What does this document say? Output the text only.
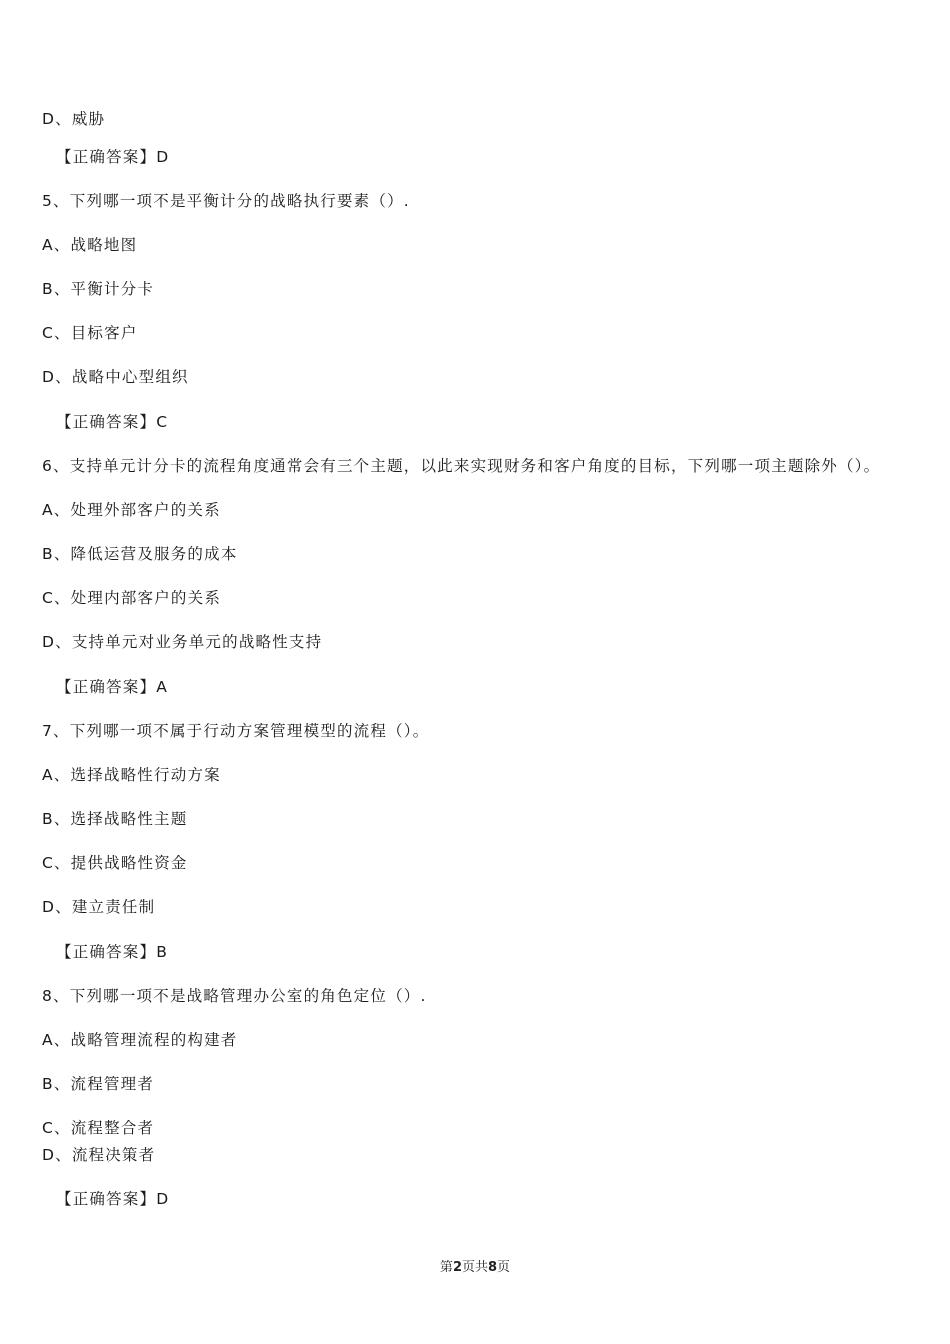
D、威胁
【正确答案】D
5、下列哪一项不是平衡计分的战略执行要素（）.
A、战略地图
B、平衡计分卡
C、目标客户
D、战略中心型组织
【正确答案】C
6、支持单元计分卡的流程角度通常会有三个主题，以此来实现财务和客户角度的目标，下列哪一项主题除外（）。
A、处理外部客户的关系
B、降低运营及服务的成本
C、处理内部客户的关系
D、支持单元对业务单元的战略性支持
【正确答案】A
7、下列哪一项不属于行动方案管理模型的流程（）。
A、选择战略性行动方案
B、选择战略性主题
C、提供战略性资金
D、建立责任制
【正确答案】B
8、下列哪一项不是战略管理办公室的角色定位（）.
A、战略管理流程的构建者
B、流程管理者
C、流程整合者
D、流程决策者
【正确答案】D
第2页共8页
